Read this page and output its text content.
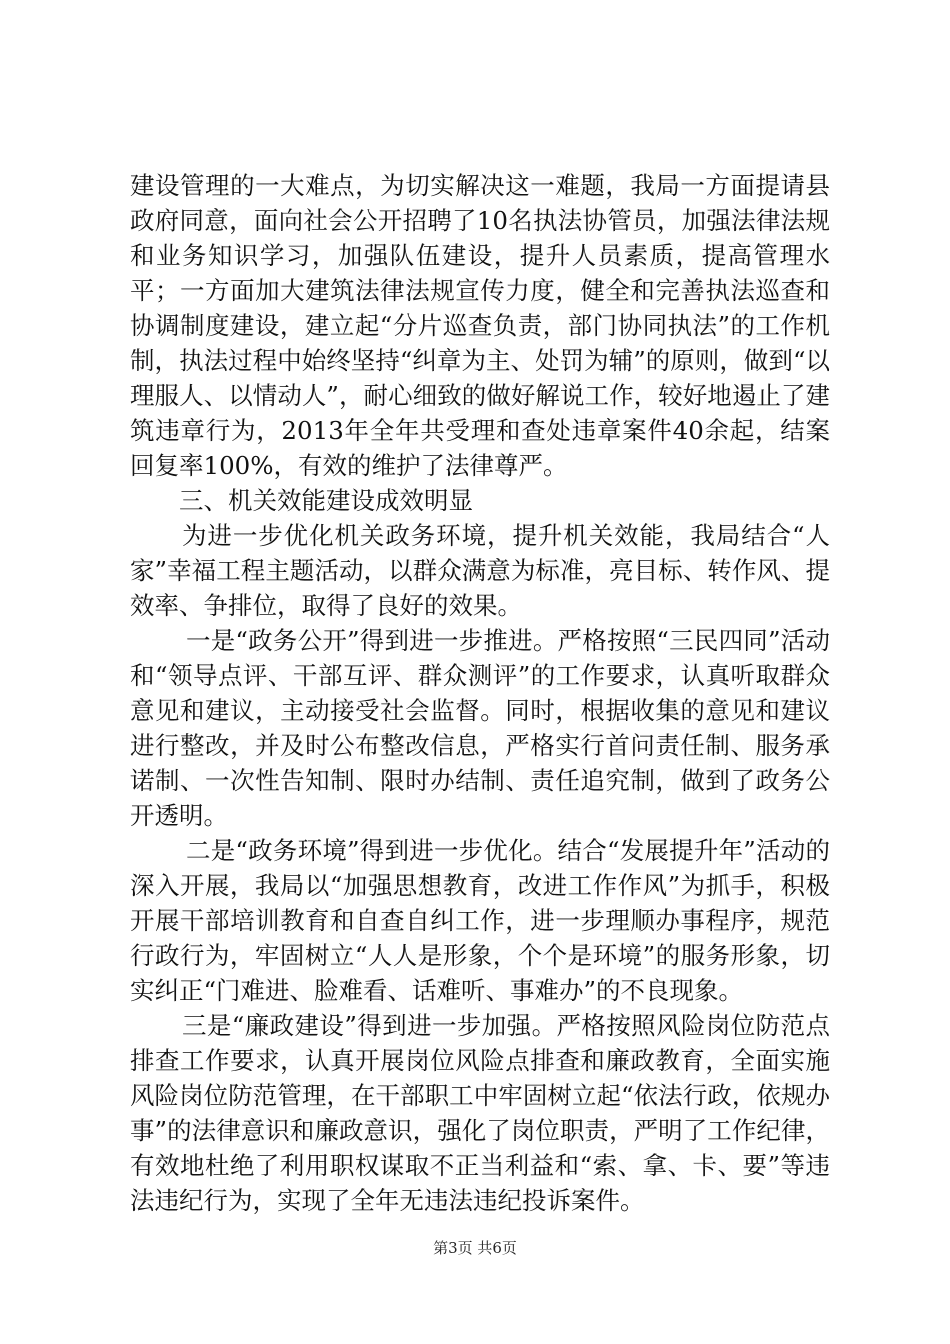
建设管理的一大难点，为切实解决这一难题，我局一方面提请县政府同意，面向社会公开招聘了10名执法协管员，加强法律法规和业务知识学习，加强队伍建设，提升人员素质，提高管理水平；一方面加大建筑法律法规宣传力度，健全和完善执法巡查和协调制度建设，建立起“分片巡查负责，部门协同执法”的工作机制，执法过程中始终坚持“纠章为主、处罚为辅”的原则，做到“以理服人、以情动人”，耐心细致的做好解说工作，较好地遏止了建筑违章行为，2013年全年共受理和查处违章案件40余起，结案回复率100%，有效的维护了法律尊严。

三、机关效能建设成效明显

为进一步优化机关政务环境，提升机关效能，我局结合“人家”幸福工程主题活动，以群众满意为标准，亮目标、转作风、提效率、争排位，取得了良好的效果。

一是“政务公开”得到进一步推进。严格按照“三民四同”活动和“领导点评、干部互评、群众测评”的工作要求，认真听取群众意见和建议，主动接受社会监督。同时，根据收集的意见和建议进行整改，并及时公布整改信息，严格实行首问责任制、服务承诺制、一次性告知制、限时办结制、责任追究制，做到了政务公开透明。

二是“政务环境”得到进一步优化。结合“发展提升年”活动的深入开展，我局以“加强思想教育，改进工作作风”为抓手，积极开展干部培训教育和自查自纠工作，进一步理顺办事程序，规范行政行为，牢固树立“人人是形象，个个是环境”的服务形象，切实纠正“门难进、脸难看、话难听、事难办”的不良现象。

三是“廉政建设”得到进一步加强。严格按照风险岗位防范点排查工作要求，认真开展岗位风险点排查和廉政教育，全面实施风险岗位防范管理，在干部职工中牢固树立起“依法行政，依规办事”的法律意识和廉政意识，强化了岗位职责，严明了工作纪律，有效地杜绝了利用职权谋取不正当利益和“索、拿、卡、要”等违法违纪行为，实现了全年无违法违纪投诉案件。

第3页 共6页
